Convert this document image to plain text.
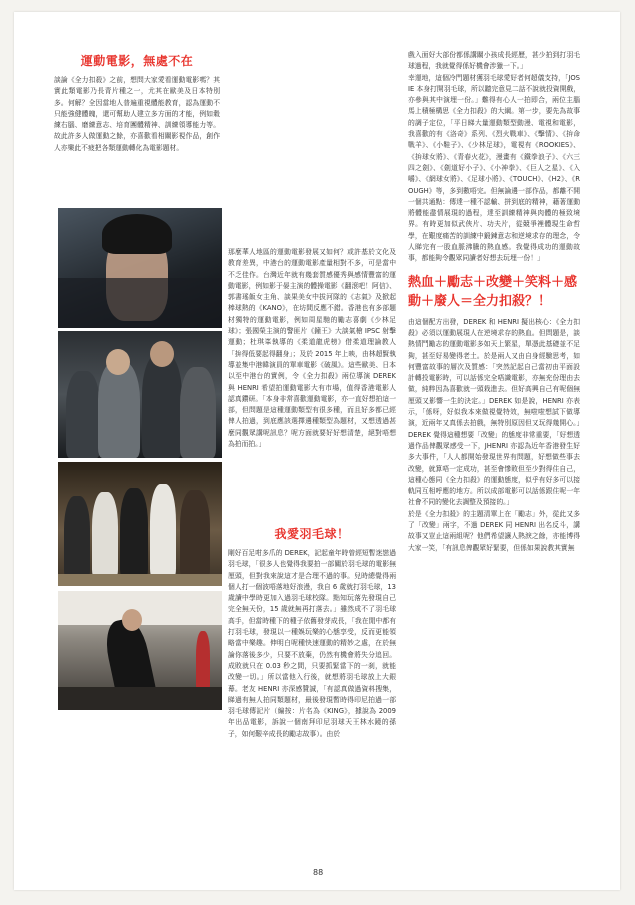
運動電影，無處不在

談論《全力扣殺》之前，想問大家愛看運動電影嗎？其實此類電影乃長青片種之一，尤其在歐美及日本特別多。何解？全因當地人普遍重視體能教育，認為運動不只能強健體魄，還可幫助人建立多方面的才能，例如穀練右腦、磨練意志、培育團體精神、訓練領導能力等。故此許多人做運動之餘，亦喜歡看相關影視作品，創作人亦樂此不疲把各類運動轉化為電影題材。

那麼華人地區的運動電影發展又如何？或許基於文化及教育差異，中港台的運動電影產量相對不多，可是當中不乏佳作。台灣近年就有幾套質感優秀與感情豐富的運動電影，例如影于晏主演的體操電影《翻滾吧！阿信》、郭書瑤飯女主角、談果美女中拔河隊的《志氣》及掀起棒球熱的《KANO》，在坊間反應不錯。香港也有多部題材獨特的運動電影，例如周星馳的勵志喜劇《少林足球》；張國榮主演的警匪片《鐘王》大談氣槍 IPSC 射擊運動；杜琪峯執導的《柔道龍虎榜》借柔道理論教人「拚得低要起得翻身」；及於 2015 年上映，由林超賢執導並集中港韓演員的單車電影《破風》。這些歐美、日本以至中港台的實例，令《全力扣殺》兩位導演 DEREK 與 HENRI 希望拍運動電影大有市場，值得香港電影人認真鑽研。「本身非常喜歡運動電影，亦一直好想拍這一部，但問題是這種運動類型有很多種，而且好多都已經俾人拍過，到底應該選擇邊種類型為題材，又想透過甚麼同觀眾講呢訊息？呢方面就要好好想清楚，絕對唔想為拍而拍。」

我愛羽毛球！

剛好百足咁多爪的 DEREK，記起童年時曾經短暫迷戀過羽毛球，「很多人也覺得我要拍一部關於羽毛球的電影無厘頭，但對我來說這才是合理不過的事。兒時總覺得兩個人打一個波唔落地好浪漫，我自 6 歲就打羽毛球，13 歲讀中學時更加入過羽毛球校隊。點知玩落先發現自己完全無天份，15 歲就無再打落去。」雖然成不了羽毛球高手，但當時種下的種子依舊發芽成長，「我在閒中都有打羽毛球，發現以一種娛玩樂的心態享受，反而更能領略當中樂趣。伸明白呢種快速運動的精妙之處，在於無論你落後多少，只要不放棄，仍然有機會將失分追回。成敗就只在 0.03 秒之間，只要抓緊當下的一刹，就能改變一切。」所以當他入行後，就想將羽毛球放上大銀幕。老友 HENRI 亦深感贊誠，「有認真做過資料搜集，睇過有無人拍同類題材，最後發現暫時得印尼拍過一部羽毛球傳記片（編按：片名為《KING》，據說為 2009 年出品電影，訴說一個南拜印尼羽球天王林水鏡的孫子，如何艱辛成長的勵志故事）。由於

戲入面好大部份都係講關小孩成長經歷，甚少拍到打羽毛球過程，我就覺得係好機會涉獵一下。」

幸運地，這個冷門題材獲羽毛球愛好者何超儀支持，「JOSIE 本身打開羽毛球，所以聽完意見二話不說就投資開戲，亦參與其中演埋一份。」難得有心人一拍即合，兩位主腦馬上積極構思《全力扣殺》的大綱。第一步，要先為故事的調子定位，「平日睇大量運動類型動漫、電視和電影，我喜歡的有《洛奇》系列、《烈火戰車》、《擊情》、《拚命戰羊》、《小鞋子》、《少林足球》，電視有《ROOKIES》、《拚球女將》、《青春火花》，漫畫有《鐵拳浪子》、《六三四之劍》、《劍道好小子》、《小神拳》、《巨人之星》、《入嚼》、《網球女將》、《足球小將》、《TOUCH》、《H2》、《ROUGH》等，多到數唔完。但無論邊一部作品，都離不開一個共通點：傳達一種不認輸、拼到底的精神，藉著運動將體能盡情展現的過程，達至訓練精神與肉體的極致境界。有時更加似武俠片、功夫片，從競爭裡體現生命哲學，在艱度痛苦的訓練中鍛鍊意志和逆境求存的理念，令人睇完有一股血脈沸騰的熱血感。我覺得成功的運動故事，都能夠令觀眾同讀者好想去玩埋一份！」

熱血＋勵志＋改變＋笑料＋感動＋廢人＝全力扣殺？！

由這個配方出發，DEREK 和 HENRI 擬出核心：《全力扣殺》必須以運動展現人在逆境求存的熱血。但問題是，談熱情鬥勵志的運動電影多如天上繁星，單憑此基礎並不足夠，甚至好易變得老土。於是兩人又由自身經驗思考，如何豐富故事的層次及質感：「突然記起自己當初由平面設計轉投電影時，可以話係完全唔識電影，亦無充份理由去做，純粹因為喜歡就一頭栽進去。但好高興自己有呢個無厘頭又影響一生的決定。」DEREK 如是說，HENRI 亦表示，「係呀，好似我本來做視覺特效，無啦啦想試下做導演，近兩年又真係去拍戲，無特別原因但又玩得幾開心。」DEREK 覺得這種想要「改變」的態度非常重要，「好想透過作品俾觀眾感受一下，JHENRI 亦認為近年香港發生好多大事件，「人人都開始發現世界有問題，好想做些事去改變，就算唔一定成功，甚至會慘敗但至少對得住自己，這種心態同《全力扣殺》的運動態度，似乎有好多可以接軌同互相呼應的地方。所以成部電影可以話係跟住呢一年社會不同的變化去調整及預接的。」

於是《全力扣殺》的主題清單上在「勵志」外，從此又多了「改變」兩字，不過 DEREK 同 HENRI 出名反斗，講故事又豈止這兩組呢？他們希望讓人熱淚之餘，亦能博得大家一笑，「有訊息俾觀眾好緊要，但係如果說教其實無

88
